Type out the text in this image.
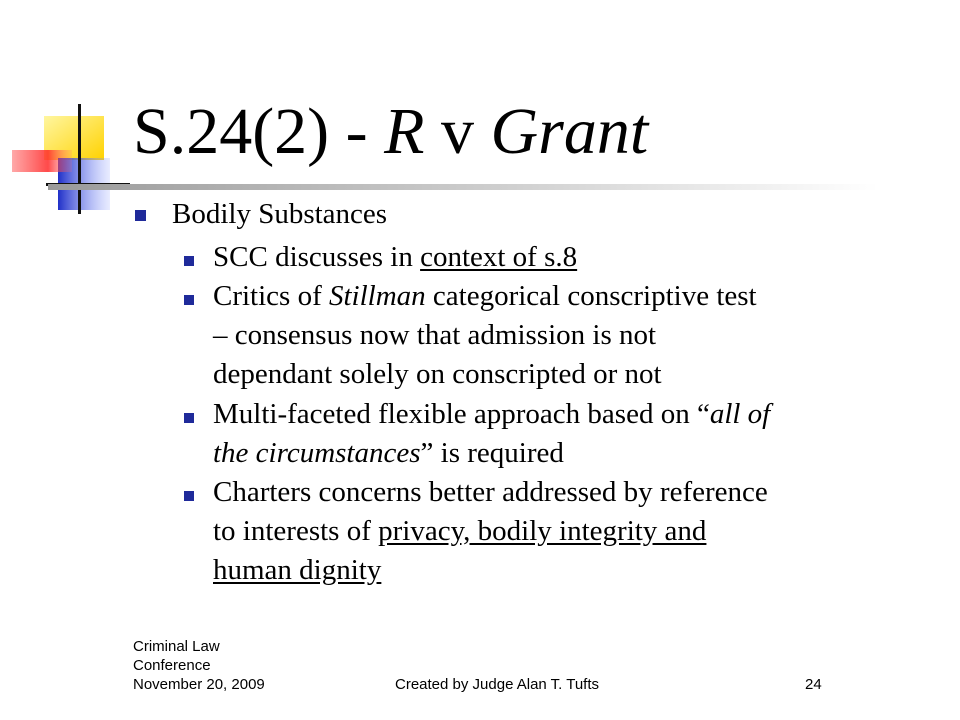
S.24(2) - R v Grant
Bodily Substances
SCC discusses in context of s.8
Critics of Stillman categorical conscriptive test
– consensus now that admission is not
dependant solely on conscripted or not
Multi-faceted flexible approach based on “all of
the circumstances” is required
Charters concerns better addressed by reference
to interests of privacy, bodily integrity and
human dignity
Criminal Law
Conference
November 20, 2009	Created by Judge Alan T. Tufts	24
